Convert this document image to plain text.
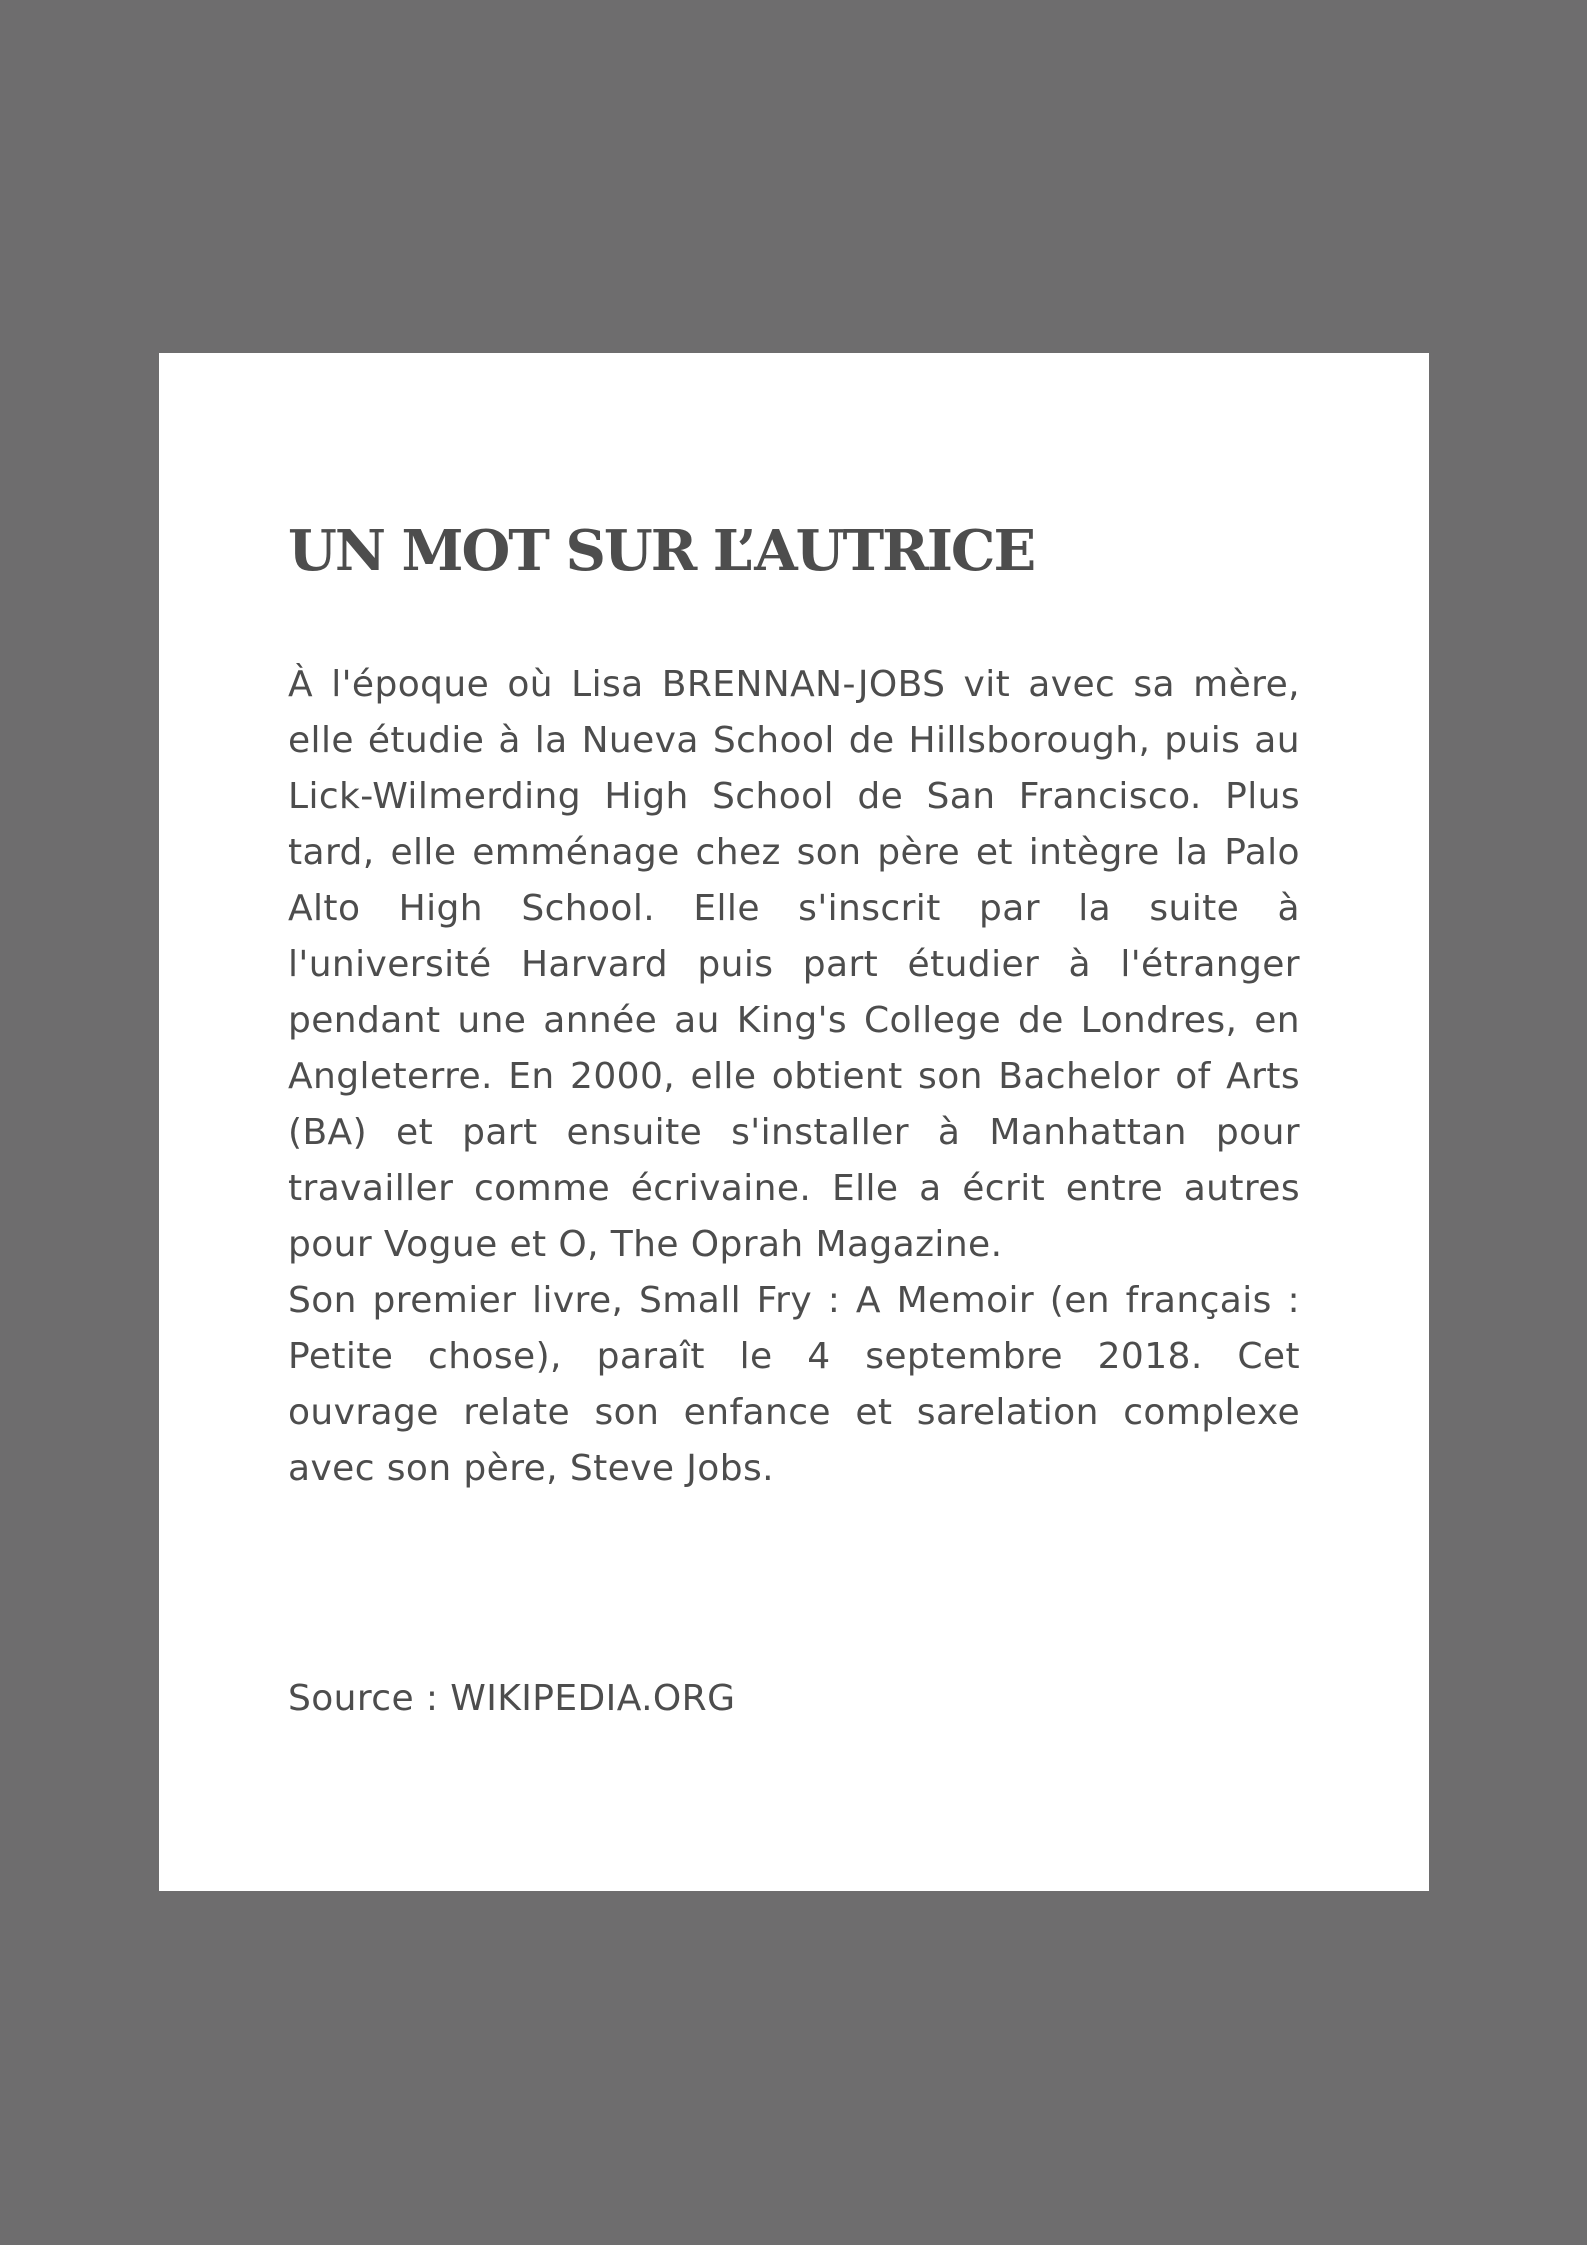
UN MOT SUR L’AUTRICE

À l'époque où Lisa BRENNAN-JOBS vit avec sa mère, elle étudie à la Nueva School de Hillsborough, puis au Lick-Wilmerding High School de San Francisco. Plus tard, elle emménage chez son père et intègre la Palo Alto High School. Elle s'inscrit par la suite à l'université Harvard puis part étudier à l'étranger pendant une année au King's College de Londres, en Angleterre. En 2000, elle obtient son Bachelor of Arts (BA) et part ensuite s'installer à Manhattan pour travailler comme écrivaine. Elle a écrit entre autres pour Vogue et O, The Oprah Magazine.

Son premier livre, Small Fry : A Memoir (en français : Petite chose), paraît le 4 septembre 2018. Cet ouvrage relate son enfance et sarelation complexe avec son père, Steve Jobs.

Source : WIKIPEDIA.ORG
